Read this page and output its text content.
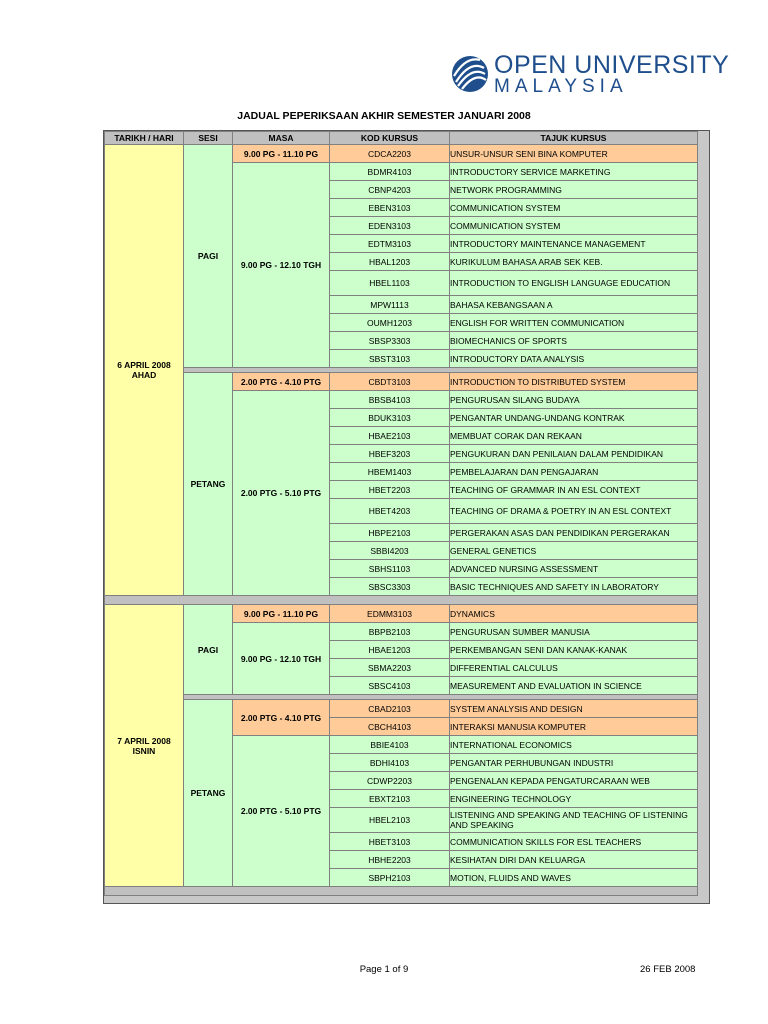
OPEN UNIVERSITY
MALAYSIA
JADUAL PEPERIKSAAN AKHIR SEMESTER JANUARI 2008
TARIKH / HARI	SESI	MASA	KOD KURSUS	TAJUK KURSUS

6 APRIL 2008
AHAD	PAGI	9.00 PG - 11.10 PG	CDCA2203	UNSUR-UNSUR SENI BINA KOMPUTER
		9.00 PG - 12.10 TGH	BDMR4103	INTRODUCTORY SERVICE MARKETING
			CBNP4203	NETWORK PROGRAMMING
			EBEN3103	COMMUNICATION SYSTEM
			EDEN3103	COMMUNICATION SYSTEM
			EDTM3103	INTRODUCTORY MAINTENANCE MANAGEMENT
			HBAL1203	KURIKULUM BAHASA ARAB SEK KEB.
			HBEL1103	INTRODUCTION TO ENGLISH LANGUAGE EDUCATION
			MPW1113	BAHASA KEBANGSAAN A
			OUMH1203	ENGLISH FOR WRITTEN COMMUNICATION
			SBSP3303	BIOMECHANICS OF SPORTS
			SBST3103	INTRODUCTORY DATA ANALYSIS

	PETANG	2.00 PTG - 4.10 PTG	CBDT3103	INTRODUCTION TO DISTRIBUTED SYSTEM
		2.00 PTG - 5.10 PTG	BBSB4103	PENGURUSAN SILANG BUDAYA
			BDUK3103	PENGANTAR UNDANG-UNDANG KONTRAK
			HBAE2103	MEMBUAT CORAK DAN REKAAN
			HBEF3203	PENGUKURAN DAN PENILAIAN DALAM PENDIDIKAN
			HBEM1403	PEMBELAJARAN DAN PENGAJARAN
			HBET2203	TEACHING OF GRAMMAR IN AN ESL CONTEXT
			HBET4203	TEACHING OF DRAMA & POETRY IN AN ESL CONTEXT
			HBPE2103	PERGERAKAN ASAS DAN PENDIDIKAN PERGERAKAN
			SBBI4203	GENERAL GENETICS
			SBHS1103	ADVANCED NURSING ASSESSMENT
			SBSC3303	BASIC TECHNIQUES AND SAFETY IN LABORATORY

7 APRIL 2008
ISNIN	PAGI	9.00 PG - 11.10 PG	EDMM3103	DYNAMICS
		9.00 PG - 12.10 TGH	BBPB2103	PENGURUSAN SUMBER MANUSIA
			HBAE1203	PERKEMBANGAN SENI DAN KANAK-KANAK
			SBMA2203	DIFFERENTIAL CALCULUS
			SBSC4103	MEASUREMENT AND EVALUATION IN SCIENCE

	PETANG	2.00 PTG - 4.10 PTG	CBAD2103	SYSTEM ANALYSIS AND DESIGN
			CBCH4103	INTERAKSI MANUSIA KOMPUTER
		2.00 PTG - 5.10 PTG	BBIE4103	INTERNATIONAL ECONOMICS
			BDHI4103	PENGANTAR PERHUBUNGAN INDUSTRI
			CDWP2203	PENGENALAN KEPADA PENGATURCARAAN WEB
			EBXT2103	ENGINEERING TECHNOLOGY
			HBEL2103	LISTENING AND SPEAKING AND TEACHING OF LISTENING AND SPEAKING
			HBET3103	COMMUNICATION SKILLS FOR ESL TEACHERS
			HBHE2203	KESIHATAN DIRI DAN KELUARGA
			SBPH2103	MOTION, FLUIDS AND WAVES

Page 1 of 9	26 FEB 2008
